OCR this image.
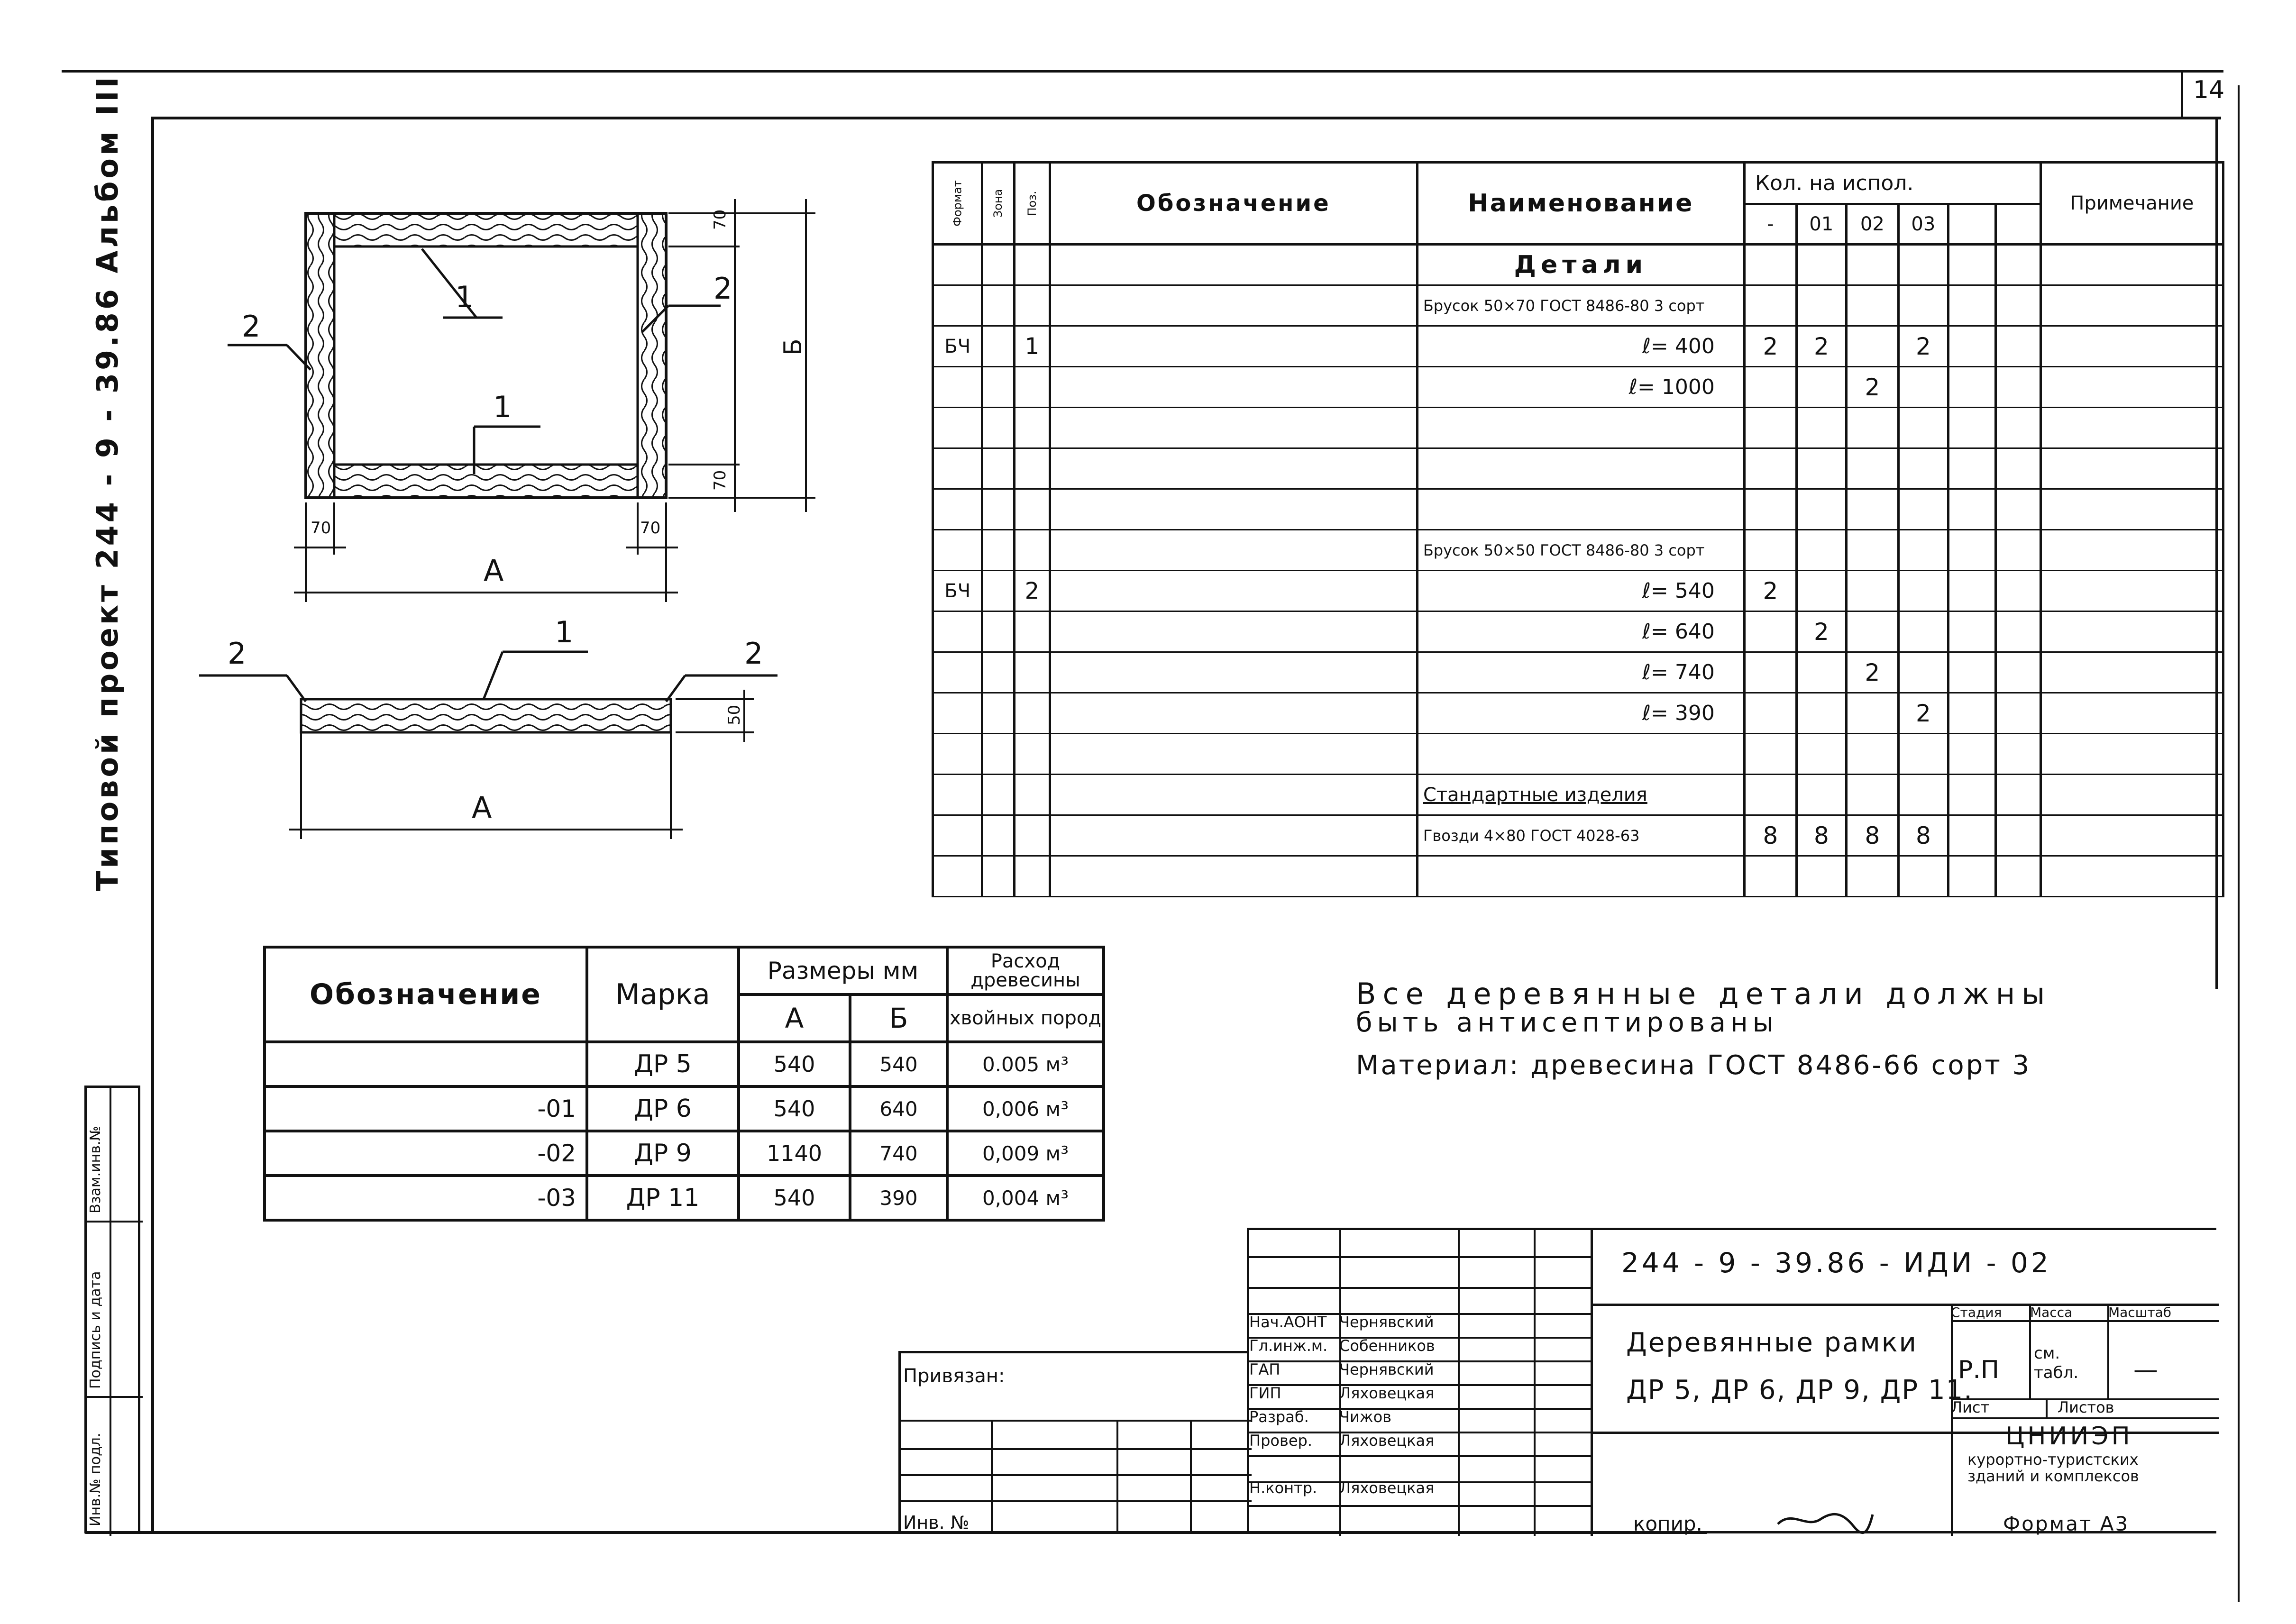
14
Типовой проект 244 - 9 - 39.86 Альбом III
Взам.инв.№
Подпись и дата
Инв.№ подл.
1
1
2
2
70
70
Б
70	70
А
2
1
2
50
А
Формат	Зона	Поз.	Обозначение	Наименование	Кол. на испол.						Примечание
					-	01	02	03			
				Детали							
				Брусок 50×70 ГОСТ 8486-80 3 сорт							
БЧ		1		ℓ= 400	2	2		2			
				ℓ= 1000			2				

				Брусок 50×50 ГОСТ 8486-80 3 сорт							
БЧ		2		ℓ= 540	2						
				ℓ= 640		2					
				ℓ= 740			2				
				ℓ= 390				2			

				Стандартные изделия							
				Гвозди 4×80 ГОСТ 4028-63	8	8	8	8			

Обозначение	Марка	Размеры мм		Расход древесины
		А	Б	хвойных пород
	ДР 5	540	540	0.005 м³
-01	ДР 6	540	640	0,006 м³
-02	ДР 9	1140	740	0,009 м³
-03	ДР 11	540	390	0,004 м³
Все деревянные детали должны
быть антисептированы
Материал: древесина ГОСТ 8486-66 сорт 3
Привязан:
Инв. №
Нач.АОНТ Чернявский
Гл.инж.м. Собенников
ГАП	Чернявский
ГИП	Ляховецкая
Разраб. Чижов
Провер. Ляховецкая
Н.контр. Ляховецкая
244 - 9 - 39.86 - ИДИ - 02
Деревянные рамки
ДР 5, ДР 6, ДР 9, ДР 11.
Стадия Масса	Масштаб
Р.П
см. табл.	—
Лист	Листов
ЦНИИЭП
курортно-туристских
зданий и комплексов
копир.	Формат А3
